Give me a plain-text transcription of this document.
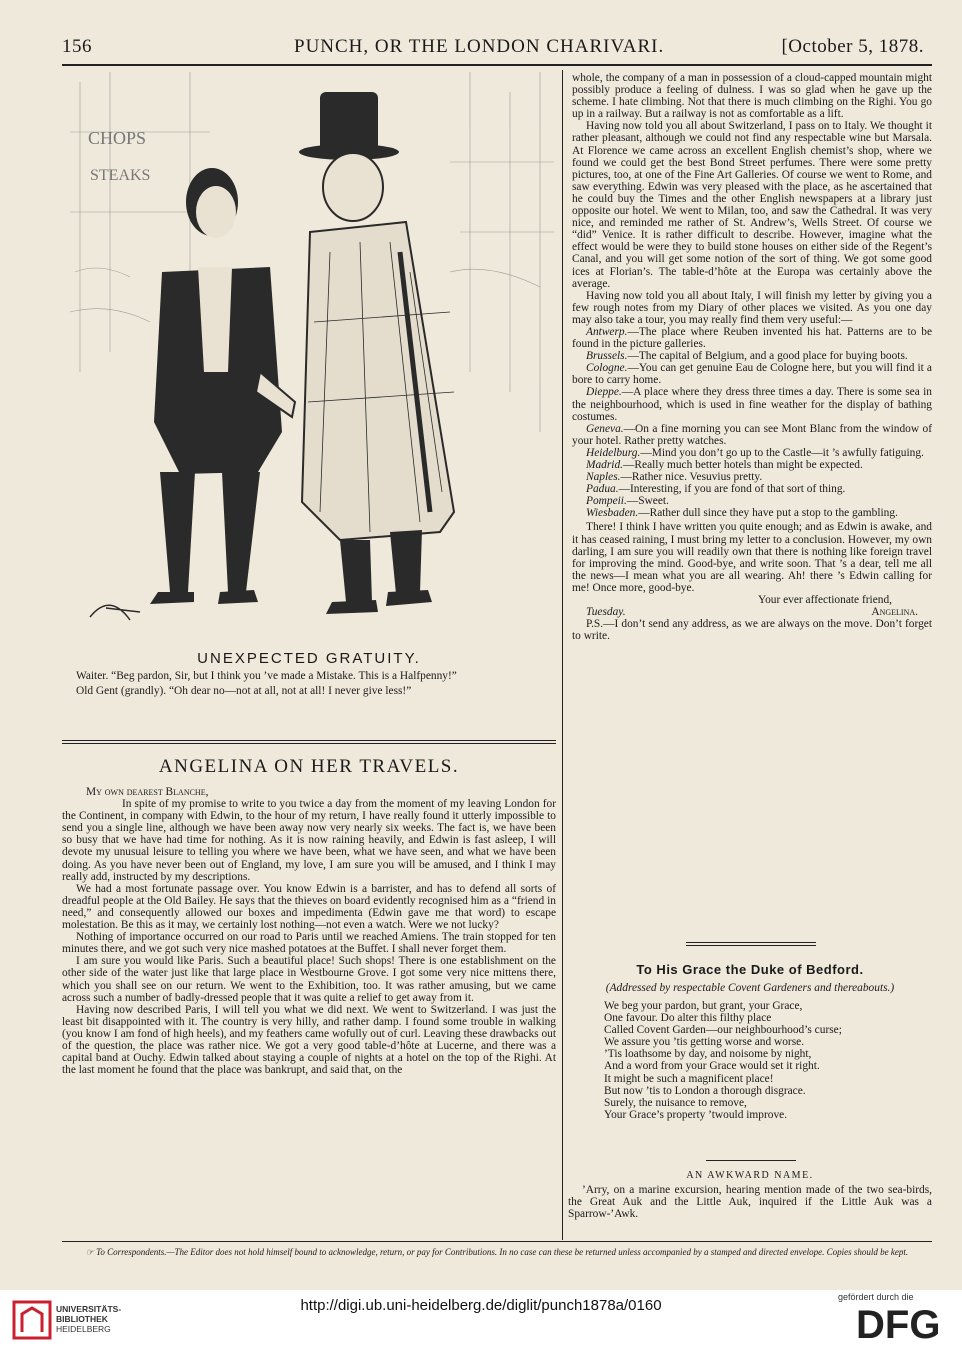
156	PUNCH, OR THE LONDON CHARIVARI.	[October 5, 1878.
CHOPS
STEAKS
UNEXPECTED GRATUITY.

Waiter. “Beg pardon, Sir, but I think you ’ve made a Mistake. This is a Halfpenny!”

Old Gent (grandly). “Oh dear no—not at all, not at all! I never give less!”

ANGELINA ON HER TRAVELS.

My own dearest Blanche,

In spite of my promise to write to you twice a day from the moment of my leaving London for the Continent, in company with Edwin, to the hour of my return, I have really found it utterly impossible to send you a single line, although we have been away now very nearly six weeks. The fact is, we have been so busy that we have had time for nothing. As it is now raining heavily, and Edwin is fast asleep, I will devote my unusual leisure to telling you where we have been, what we have seen, and what we have been doing. As you have never been out of England, my love, I am sure you will be amused, and I think I may really add, instructed by my descriptions.

We had a most fortunate passage over. You know Edwin is a barrister, and has to defend all sorts of dreadful people at the Old Bailey. He says that the thieves on board evidently recognised him as a “friend in need,” and consequently allowed our boxes and impedimenta (Edwin gave me that word) to escape molestation. Be this as it may, we certainly lost nothing—not even a watch. Were we not lucky?

Nothing of importance occurred on our road to Paris until we reached Amiens. The train stopped for ten minutes there, and we got such very nice mashed potatoes at the Buffet. I shall never forget them.

I am sure you would like Paris. Such a beautiful place! Such shops! There is one establishment on the other side of the water just like that large place in Westbourne Grove. I got some very nice mittens there, which you shall see on our return. We went to the Exhibition, too. It was rather amusing, but we came across such a number of badly-dressed people that it was quite a relief to get away from it.

Having now described Paris, I will tell you what we did next. We went to Switzerland. I was just the least bit disappointed with it. The country is very hilly, and rather damp. I found some trouble in walking (you know I am fond of high heels), and my feathers came wofully out of curl. Leaving these drawbacks out of the question, the place was rather nice. We got a very good table-d’hôte at Lucerne, and there was a capital band at Ouchy. Edwin talked about staying a couple of nights at a hotel on the top of the Righi. At the last moment he found that the place was bankrupt, and said that, on the

whole, the company of a man in possession of a cloud-capped mountain might possibly produce a feeling of dulness. I was so glad when he gave up the scheme. I hate climbing. Not that there is much climbing on the Righi. You go up in a railway. But a railway is not as comfortable as a lift.

Having now told you all about Switzerland, I pass on to Italy. We thought it rather pleasant, although we could not find any respectable wine but Marsala. At Florence we came across an excellent English chemist’s shop, where we found we could get the best Bond Street perfumes. There were some pretty pictures, too, at one of the Fine Art Galleries. Of course we went to Rome, and saw everything. Edwin was very pleased with the place, as he ascertained that he could buy the Times and the other English newspapers at a library just opposite our hotel. We went to Milan, too, and saw the Cathedral. It was very nice, and reminded me rather of St. Andrew’s, Wells Street. Of course we “did” Venice. It is rather difficult to describe. However, imagine what the effect would be were they to build stone houses on either side of the Regent’s Canal, and you will get some notion of the sort of thing. We got some good ices at Florian’s. The table-d’hôte at the Europa was certainly above the average.

Having now told you all about Italy, I will finish my letter by giving you a few rough notes from my Diary of other places we visited. As you one day may also take a tour, you may really find them very useful:—

Antwerp.—The place where Reuben invented his hat. Patterns are to be found in the picture galleries.

Brussels.—The capital of Belgium, and a good place for buying boots.

Cologne.—You can get genuine Eau de Cologne here, but you will find it a bore to carry home.

Dieppe.—A place where they dress three times a day. There is some sea in the neighbourhood, which is used in fine weather for the display of bathing costumes.

Geneva.—On a fine morning you can see Mont Blanc from the window of your hotel. Rather pretty watches.

Heidelburg.—Mind you don’t go up to the Castle—it ’s awfully fatiguing.

Madrid.—Really much better hotels than might be expected.

Naples.—Rather nice. Vesuvius pretty.

Padua.—Interesting, if you are fond of that sort of thing.

Pompeii.—Sweet.

Wiesbaden.—Rather dull since they have put a stop to the gambling.

There! I think I have written you quite enough; and as Edwin is awake, and it has ceased raining, I must bring my letter to a conclusion. However, my own darling, I am sure you will readily own that there is nothing like foreign travel for improving the mind. Good-bye, and write soon. That ’s a dear, tell me all the news—I mean what you are all wearing. Ah! there ’s Edwin calling for me! Once more, good-bye.

Your ever affectionate friend,

Tuesday.	Angelina.

P.S.—I don’t send any address, as we are always on the move. Don’t forget to write.

To His Grace the Duke of Bedford.
(Addressed by respectable Covent Gardeners and thereabouts.)
We beg your pardon, but grant, your Grace,
One favour. Do alter this filthy place
Called Covent Garden—our neighbourhood’s curse;
We assure you ’tis getting worse and worse.
’Tis loathsome by day, and noisome by night,
And a word from your Grace would set it right.
It might be such a magnificent place!
But now ’tis to London a thorough disgrace.
Surely, the nuisance to remove,
Your Grace’s property ’twould improve.
AN AWKWARD NAME.
’Arry, on a marine excursion, hearing mention made of the two sea-birds, the Great Auk and the Little Auk, inquired if the Little Auk was a Sparrow-’Awk.
☞ To Correspondents.—The Editor does not hold himself bound to acknowledge, return, or pay for Contributions. In no case can these be returned unless accompanied by a stamped and directed envelope. Copies should be kept.
UNIVERSITÄTS-
BIBLIOTHEK
HEIDELBERG
http://digi.ub.uni-heidelberg.de/diglit/punch1878a/0160	gefördert durch die
DFG
